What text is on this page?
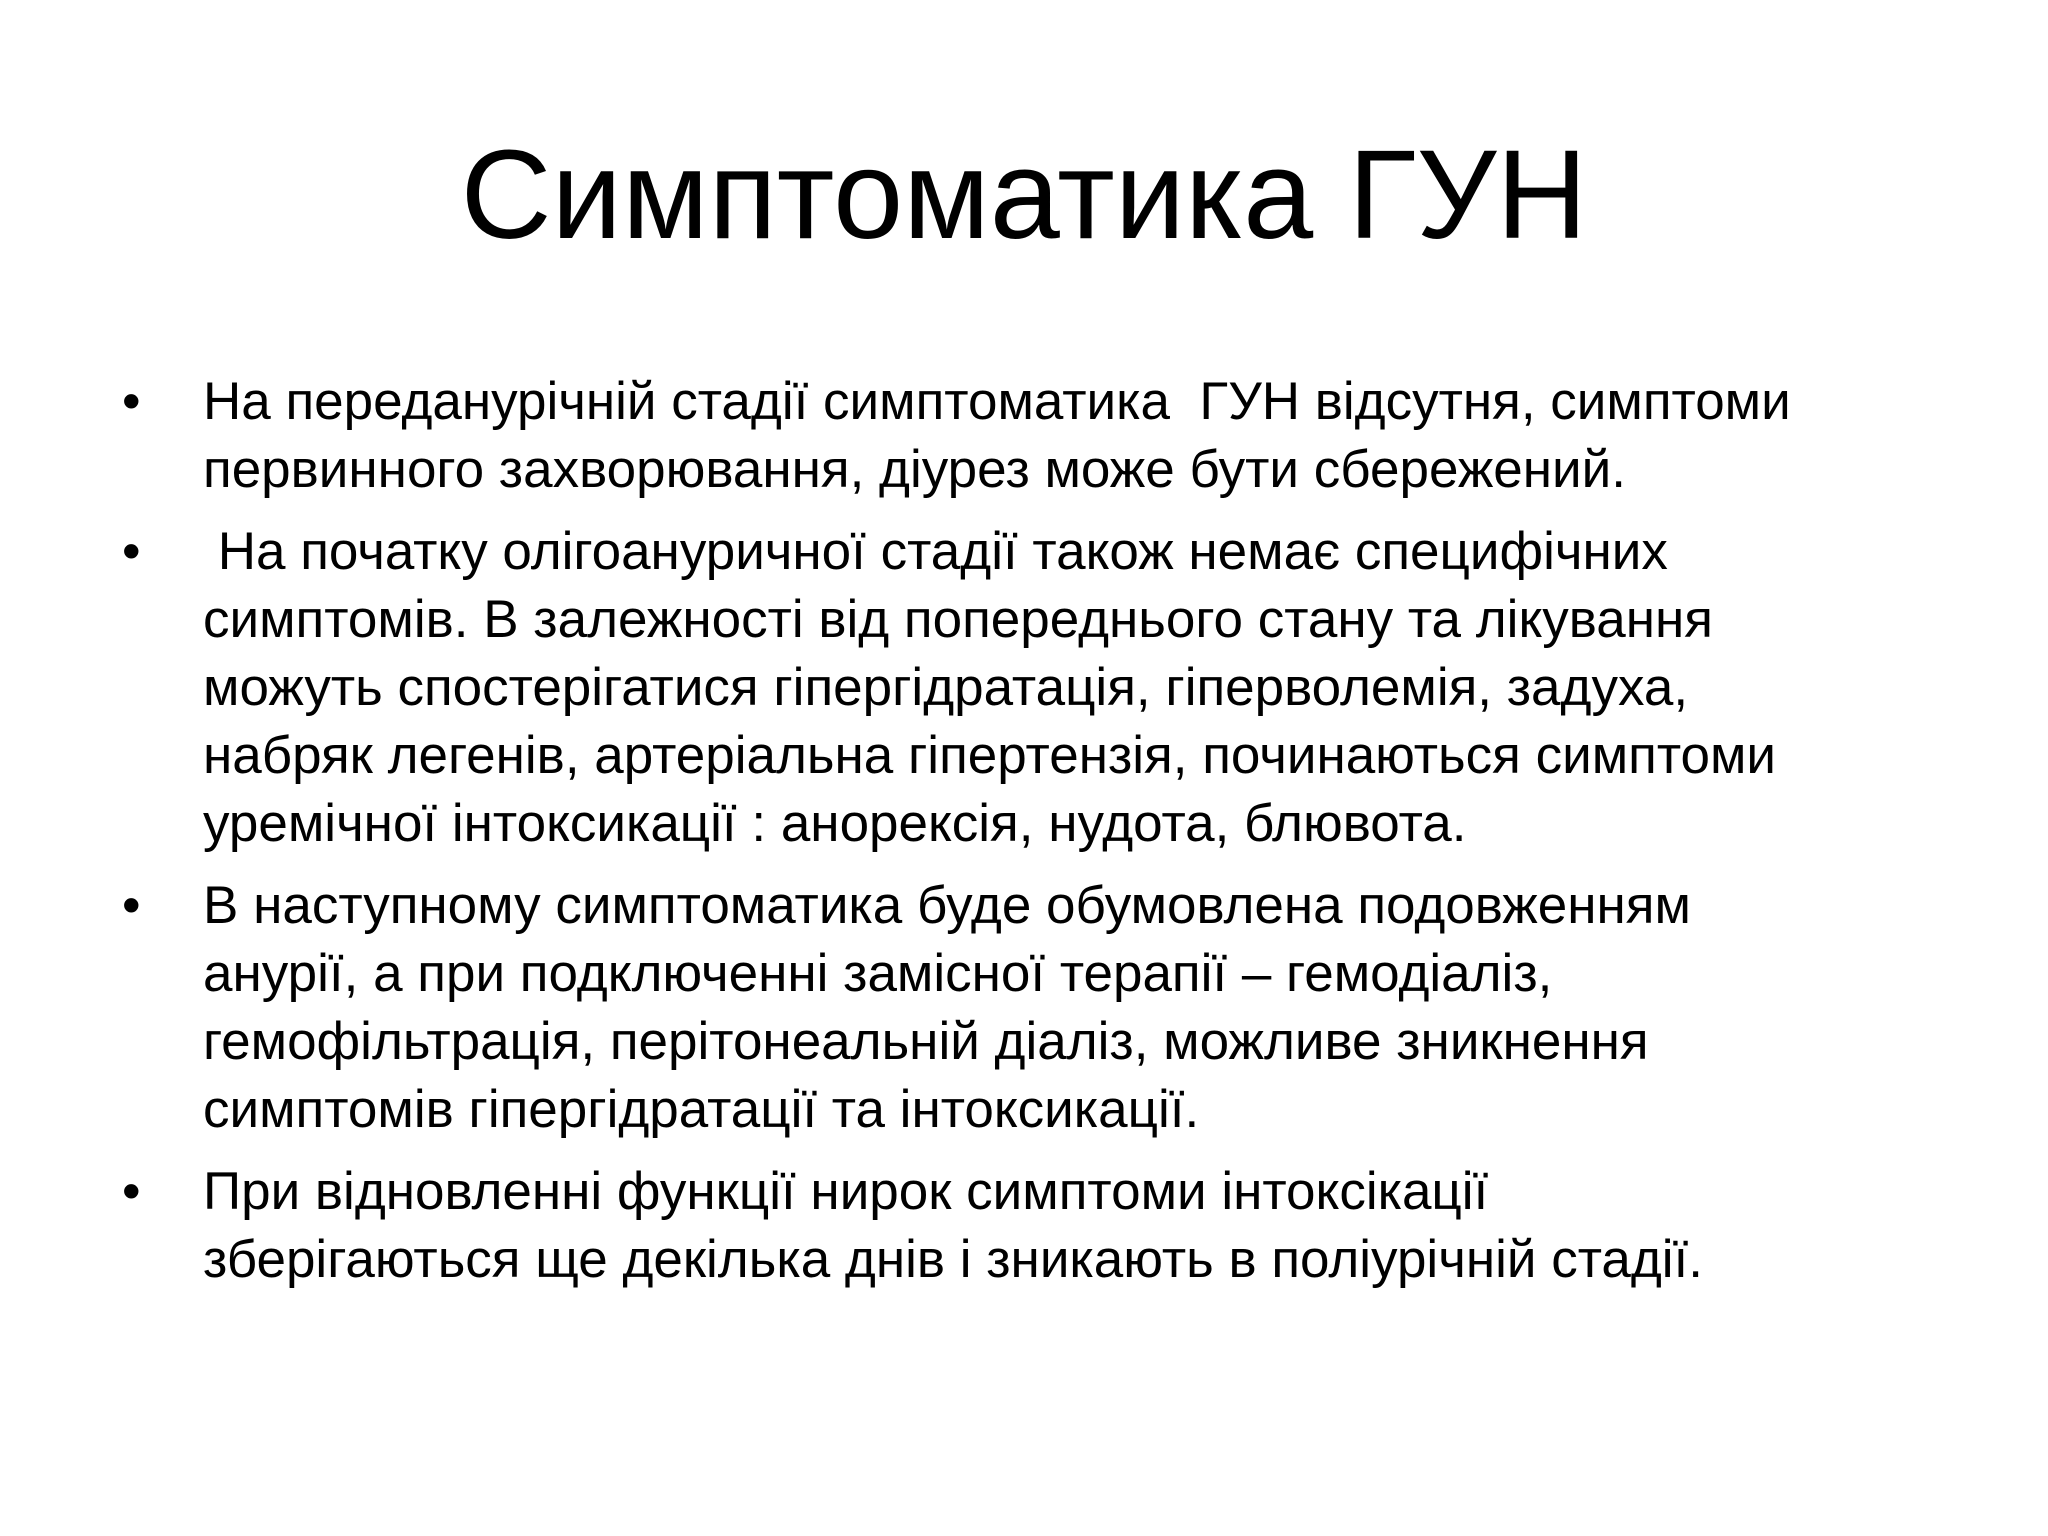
Симптоматика ГУН
• На переданурічній стадії симптоматика  ГУН відсутня, симптоми
первинного захворювання, діурез може бути сбережений.
• На початку олігоануричної стадії також немає специфічних
симптомів. В залежності від попереднього стану та лікування
можуть спостерігатися гіпергідратація, гіперволемія, задуха,
набряк легенів, артеріальна гіпертензія, починаються симптоми
уремічної інтоксикації : анорексія, нудота, блювота.
• В наступному симптоматика буде обумовлена подовженням
анурії, а при подключенні замісної терапії – гемодіаліз,
гемофільтрація, перітонеальній діаліз, можливе зникнення
симптомів гіпергідратації та інтоксикації.
• При відновленні функції нирок симптоми інтоксікації
зберігаються ще декілька днів і зникають в поліурічній стадії.
